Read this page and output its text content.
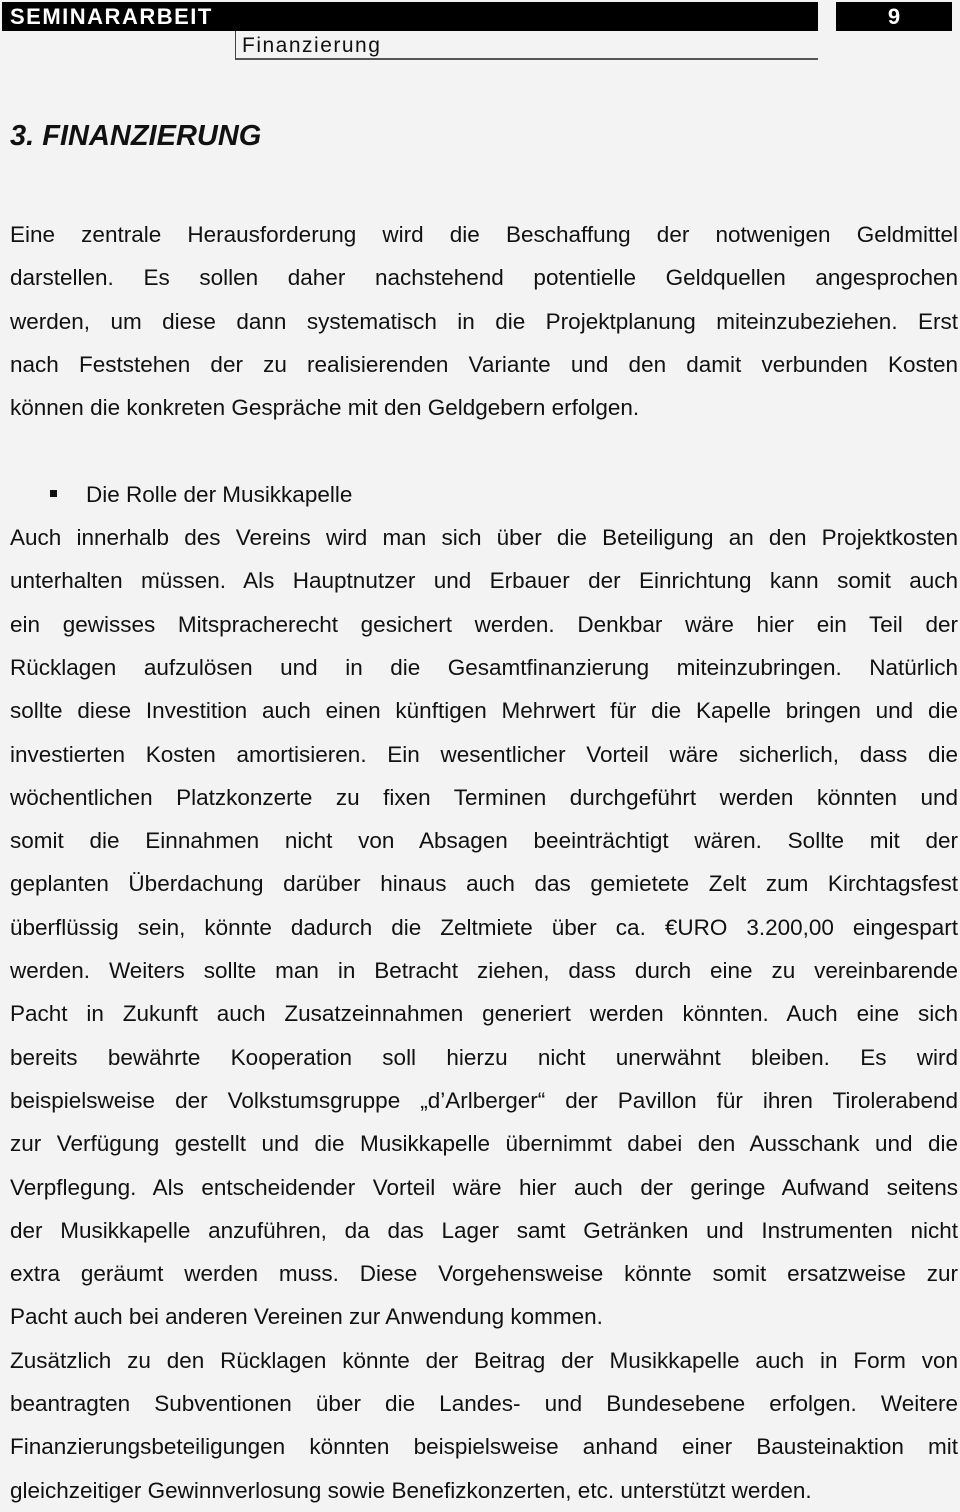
SEMINARARBEIT	9
Finanzierung
3. FINANZIERUNG
Eine zentrale Herausforderung wird die Beschaffung der notwenigen Geldmittel
darstellen. Es sollen daher nachstehend potentielle Geldquellen angesprochen
werden, um diese dann systematisch in die Projektplanung miteinzubeziehen. Erst
nach Feststehen der zu realisierenden Variante und den damit verbunden Kosten
können die konkreten Gespräche mit den Geldgebern erfolgen.
Die Rolle der Musikkapelle
Auch innerhalb des Vereins wird man sich über die Beteiligung an den Projektkosten
unterhalten müssen. Als Hauptnutzer und Erbauer der Einrichtung kann somit auch
ein gewisses Mitspracherecht gesichert werden. Denkbar wäre hier ein Teil der
Rücklagen aufzulösen und in die Gesamtfinanzierung miteinzubringen. Natürlich
sollte diese Investition auch einen künftigen Mehrwert für die Kapelle bringen und die
investierten Kosten amortisieren. Ein wesentlicher Vorteil wäre sicherlich, dass die
wöchentlichen Platzkonzerte zu fixen Terminen durchgeführt werden könnten und
somit die Einnahmen nicht von Absagen beeinträchtigt wären. Sollte mit der
geplanten Überdachung darüber hinaus auch das gemietete Zelt zum Kirchtagsfest
überflüssig sein, könnte dadurch die Zeltmiete über ca. €URO 3.200,00 eingespart
werden. Weiters sollte man in Betracht ziehen, dass durch eine zu vereinbarende
Pacht in Zukunft auch Zusatzeinnahmen generiert werden könnten. Auch eine sich
bereits bewährte Kooperation soll hierzu nicht unerwähnt bleiben. Es wird
beispielsweise der Volkstumsgruppe „d’Arlberger“ der Pavillon für ihren Tirolerabend
zur Verfügung gestellt und die Musikkapelle übernimmt dabei den Ausschank und die
Verpflegung. Als entscheidender Vorteil wäre hier auch der geringe Aufwand seitens
der Musikkapelle anzuführen, da das Lager samt Getränken und Instrumenten nicht
extra geräumt werden muss. Diese Vorgehensweise könnte somit ersatzweise zur
Pacht auch bei anderen Vereinen zur Anwendung kommen.
Zusätzlich zu den Rücklagen könnte der Beitrag der Musikkapelle auch in Form von
beantragten Subventionen über die Landes- und Bundesebene erfolgen. Weitere
Finanzierungsbeteiligungen könnten beispielsweise anhand einer Bausteinaktion mit
gleichzeitiger Gewinnverlosung sowie Benefizkonzerten, etc. unterstützt werden.
